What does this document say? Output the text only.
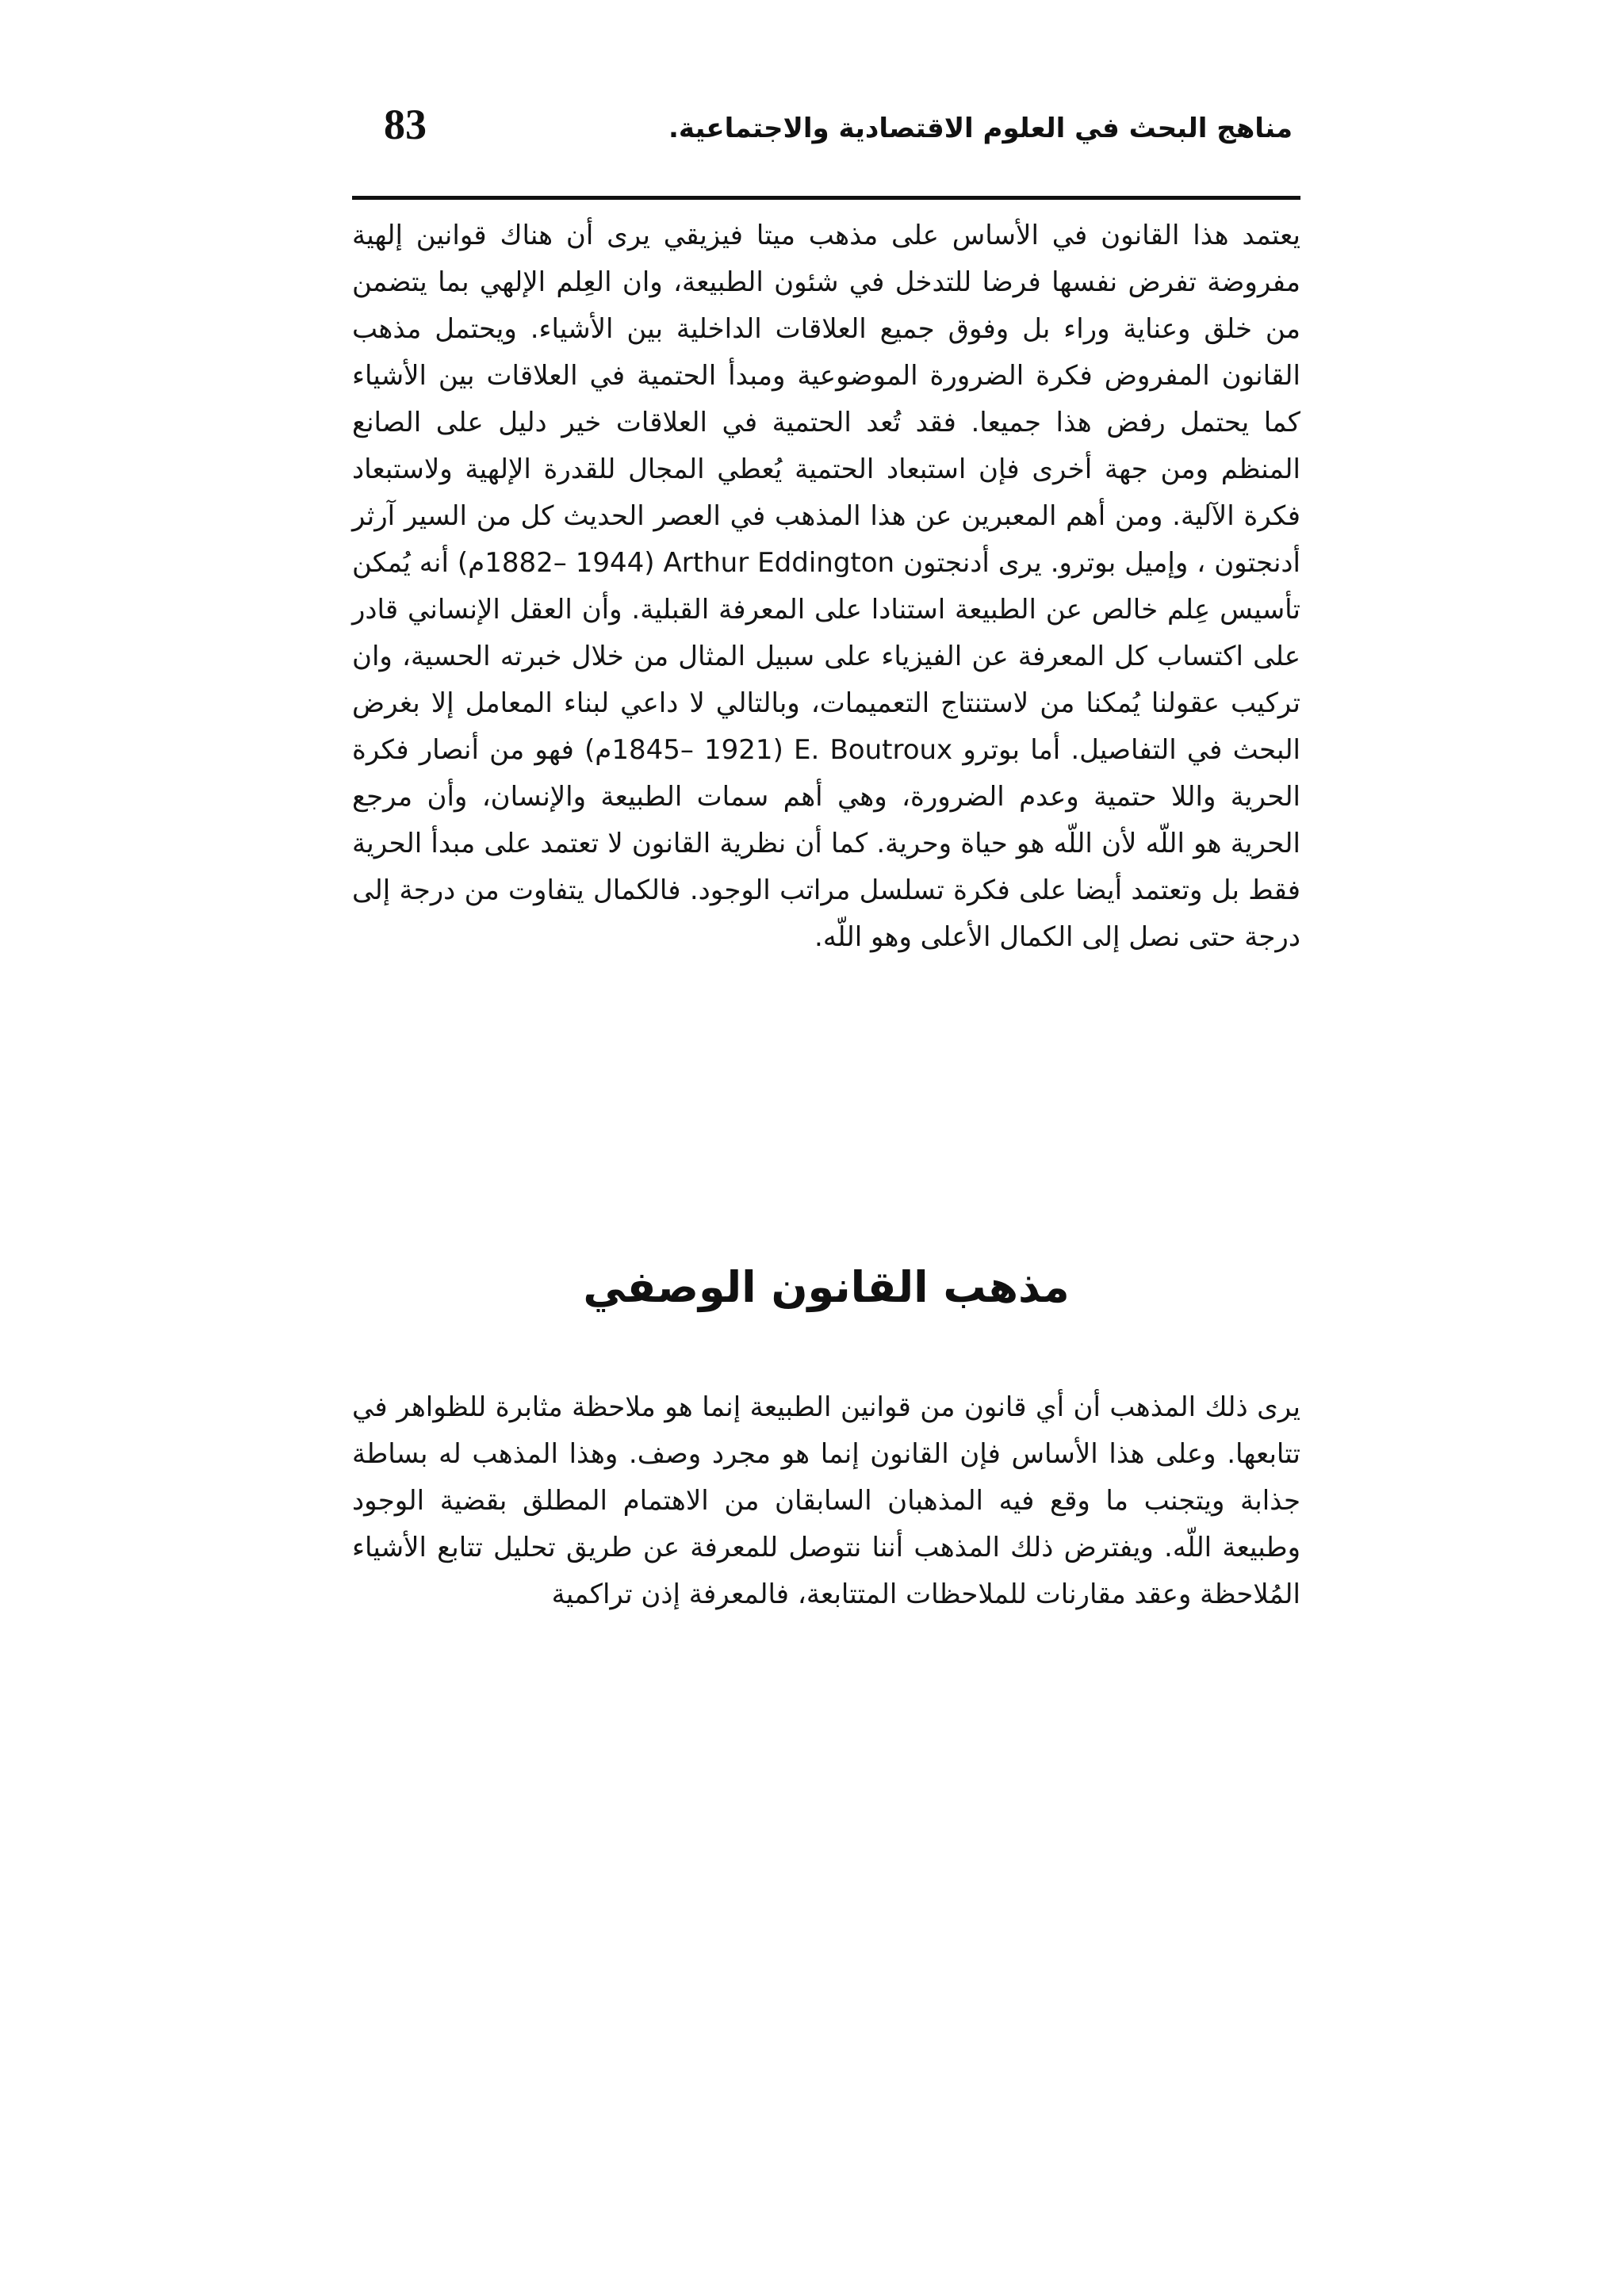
مناهج البحث في العلوم الاقتصادية والاجتماعية.
83

يعتمد هذا القانون في الأساس على مذهب ميتا فيزيقي يرى أن هناك قوانين إلهية مفروضة تفرض نفسها فرضا للتدخل في شئون الطبيعة، وان العِلم الإلهي بما يتضمن من خلق وعناية وراء بل وفوق جميع العلاقات الداخلية بين الأشياء. ويحتمل مذهب القانون المفروض فكرة الضرورة الموضوعية ومبدأ الحتمية في العلاقات بين الأشياء كما يحتمل رفض هذا جميعا. فقد تُعد الحتمية في العلاقات خير دليل على الصانع المنظم ومن جهة أخرى فإن استبعاد الحتمية يُعطي المجال للقدرة الإلهية ولاستبعاد فكرة الآلية. ومن أهم المعبرين عن هذا المذهب في العصر الحديث كل من السير آرثر أدنجتون ، وإميل بوترو. يرى أدنجتون Arthur Eddington (1882– 1944م) أنه يُمكن تأسيس عِلم خالص عن الطبيعة استنادا على المعرفة القبلية. وأن العقل الإنساني قادر على اكتساب كل المعرفة عن الفيزياء على سبيل المثال من خلال خبرته الحسية، وان تركيب عقولنا يُمكنا من لاستنتاج التعميمات، وبالتالي لا داعي لبناء المعامل إلا بغرض البحث في التفاصيل. أما بوترو E. Boutroux (1845– 1921م) فهو من أنصار فكرة الحرية واللا حتمية وعدم الضرورة، وهي أهم سمات الطبيعة والإنسان، وأن مرجع الحرية هو اللّه لأن اللّه هو حياة وحرية. كما أن نظرية القانون لا تعتمد على مبدأ الحرية فقط بل وتعتمد أيضا على فكرة تسلسل مراتب الوجود. فالكمال يتفاوت من درجة إلى درجة حتى نصل إلى الكمال الأعلى وهو اللّه.

مذهب القانون الوصفي

يرى ذلك المذهب أن أي قانون من قوانين الطبيعة إنما هو ملاحظة مثابرة للظواهر في تتابعها. وعلى هذا الأساس فإن القانون إنما هو مجرد وصف. وهذا المذهب له بساطة جذابة ويتجنب ما وقع فيه المذهبان السابقان من الاهتمام المطلق بقضية الوجود وطبيعة اللّه. ويفترض ذلك المذهب أننا نتوصل للمعرفة عن طريق تحليل تتابع الأشياء المُلاحظة وعقد مقارنات للملاحظات المتتابعة، فالمعرفة إذن تراكمية
